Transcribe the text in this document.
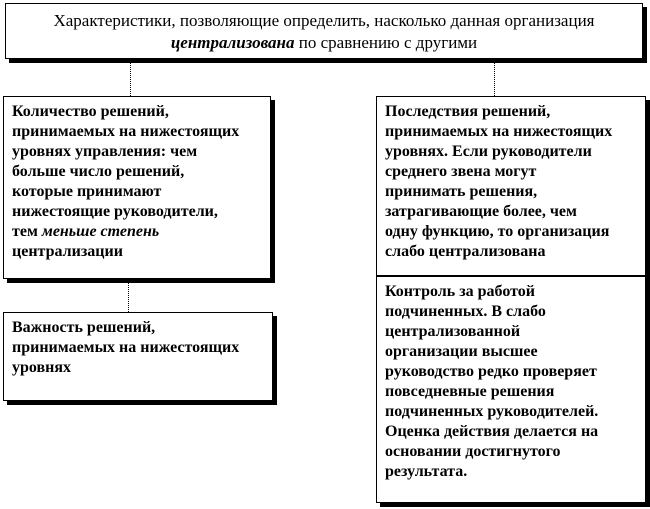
Характеристики, позволяющие определить, насколько данная организация
централизована по сравнению с другими
Количество решений,
принимаемых на нижестоящих
уровнях управления: чем
больше число решений,
которые принимают
нижестоящие руководители,
тем меньше степень
централизации
Важность решений,
принимаемых на нижестоящих
уровнях
Последствия решений,
принимаемых на нижестоящих
уровнях. Если руководители
среднего звена могут
принимать решения,
затрагивающие более, чем
одну функцию, то организация
слабо централизована
Контроль за работой
подчиненных. В слабо
централизованной
организации высшее
руководство редко проверяет
повседневные решения
подчиненных руководителей.
Оценка действия делается на
основании достигнутого
результата.
